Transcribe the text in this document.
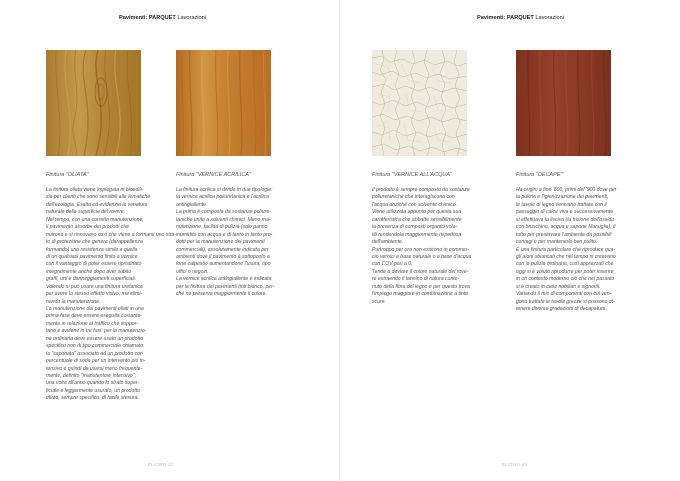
Pavimenti: PARQUET Lavorazioni
Finitura "OLIATA"	Finitura "VERNICE ACRILICA"
La finitura oliata viene impiegata in bioedili-
zia per clienti che sono sensibili alle tematiche
dell'ecologia. Esalta ed evidenzia la venatura
naturale della superficie del rovere.
Nel tempo, con una corretta manutenzione,
il pavimento assorbe dei prodotti che
nutrono e si rinnovano così che viene a formarsi uno stra-
to di protezione che genera (darappellenza
formando) uno resistenza simile a quella
di un qualsiasi pavimento finito a vernice
con il vantaggio di poter essere ripristinato
integralmente anche dopo aver subito
graffi, urti e danneggiamenti superficiali.
Volendo si può usare una finitura uretanica
per avere lo stesso effetto visivo, ma elimi-
nando la manutenzione.
La manutenzione dei pavimenti oliati in una
prima fase deve essere eseguita costante-
mente in relazione al traffico che soppor-
tano e avviene in tre fasi: per la manutenzio-
ne ordinaria deve essere usato un prodotto
specifico non di tipo commerciale chiamato
la "saponata" associato ad un prodotto con
percentuale di soda per un intervento più in-
tensivo e quindi da usarsi meno frequente-
mente, definito "manutentore intensivo",
una volta all'anno quando lo strato super-
ficiale è leggermente usurato, un prodotto
oliato, sempre specifico, di facile stesura.
La finitura acrilica si divide in due tipologie:
la vernice acrilica poliuretanica e l'acrilica
antingiallente.
La prima è composta da sostanze poliure-
taniche unite a solventi chimici. Meno ma-
nutenzione, facilità di pulizia (solo panno
inumidito con acqua e di tanto in tanto pro-
dotti per la manutenzione dei pavimenti
commerciali), assolutamente indicata per
ambienti dove il pavimento è sottoposto a
forte calpestio aumentandone l'usura, tipo
uffici o negozi.
La vernice acrilica antingiallente è indicata
per la finitura dei pavimenti tinti bianco, per-
ché ne preserva maggiormente il colore.
ELIGRO 42
Pavimenti: PARQUET Lavorazioni
Finitura "VERNICE ALL'ACQUA"	Finitura "DECAPE'"
Il prodotto è sempre composto da sostanze
poliuretaniche che interagiscono con
l'acqua anziché con solvente chimico.
Viene utilizzata appunto per questa sua
caratteristica che abbatte sensibilmente
la presenza di composti organici vola-
tili rendendola maggiormente rispettosa
dell'ambiente.
Purtroppo per ora non esistono in commer-
cio vernici a base naturale o a base d'acqua
con COV pari a 0.
Tende a deviare il colore naturale del rove-
re estraendo il tannino di natura conte-
nuto della fibra del legno e per questo trova
l'impiego maggiore in combinazione a tinte
scure.
Ha origini a fine '800, primi del '900 dove per
la pulizia e l'igienizzazione dei pavimenti,
le tavole di legno venivano trattate con il
passaggio di calce viva e successivamente
si effettuava la lisciva (la frizione dell'ossido
con bruschino, acqua e sapone Marsiglia), il
tutto per preservare l'ambiente da possibili
contagi e per mantenerlo ben pulito.
È una finitura particolare che riproduce qua-
gli aloni sbiancati che nel tempo si creavano
con la pulizia ordinaria, così apprezzati che
oggi si è voluto riprodurre per poter inserire
in un contesto moderno ciò che nel passato
si è creato in case nobiliari e signorili.
Variando il mix di componenti con cui ven-
gono trattate le tavole grezze si possono ot-
tenere diverse gradazioni di decapatura.
ELIGRO 43
